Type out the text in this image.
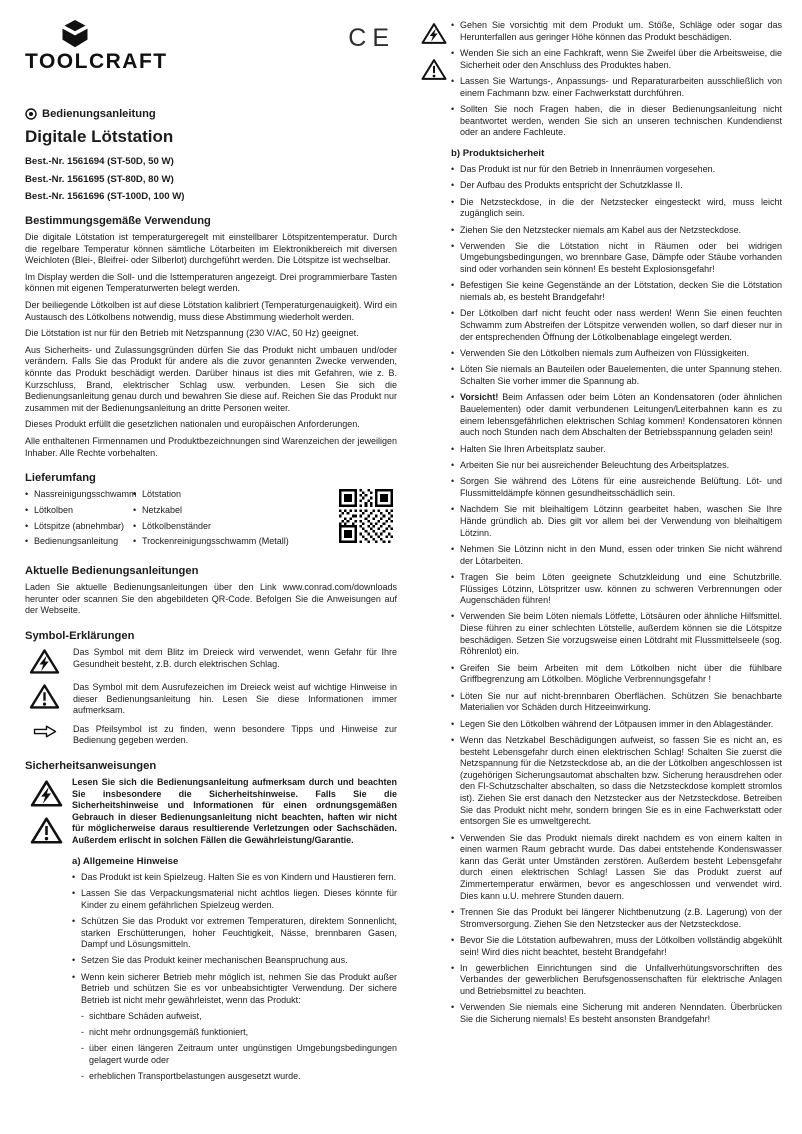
TOOLCRAFT
CE
Bedienungsanleitung
Digitale Lötstation
Best.-Nr. 1561694 (ST-50D, 50 W)
Best.-Nr. 1561695 (ST-80D, 80 W)
Best.-Nr. 1561696 (ST-100D, 100 W)
Bestimmungsgemäße Verwendung

Die digitale Lötstation ist temperaturgeregelt mit einstellbarer Lötspitzentemperatur. Durch die regelbare Temperatur können sämtliche Lötarbeiten im Elektronikbereich mit diversen Weichloten (Blei-, Bleifrei- oder Silberlot) durchgeführt werden. Die Lötspitze ist wechselbar.

Im Display werden die Soll- und die Isttemperaturen angezeigt. Drei programmierbare Tasten können mit eigenen Temperaturwerten belegt werden.

Der beiliegende Lötkolben ist auf diese Lötstation kalibriert (Temperaturgenauigkeit). Wird ein Austausch des Lötkolbens notwendig, muss diese Abstimmung wiederholt werden.

Die Lötstation ist nur für den Betrieb mit Netzspannung (230 V/AC, 50 Hz) geeignet.

Aus Sicherheits- und Zulassungsgründen dürfen Sie das Produkt nicht umbauen und/oder verändern. Falls Sie das Produkt für andere als die zuvor genannten Zwecke verwenden, könnte das Produkt beschädigt werden. Darüber hinaus ist dies mit Gefahren, wie z. B. Kurzschluss, Brand, elektrischer Schlag usw. verbunden. Lesen Sie sich die Bedienungsanleitung genau durch und bewahren Sie diese auf. Reichen Sie das Produkt nur zusammen mit der Bedienungsanleitung an dritte Personen weiter.

Dieses Produkt erfüllt die gesetzlichen nationalen und europäischen Anforderungen.

Alle enthaltenen Firmennamen und Produktbezeichnungen sind Warenzeichen der jeweiligen Inhaber. Alle Rechte vorbehalten.

Lieferumfang
• Nassreinigungsschwamm
• Lötkolben
• Lötspitze (abnehmbar)
• Bedienungsanleitung
• Lötstation
• Netzkabel
• Lötkolbenständer
• Trockenreinigungsschwamm (Metall)
Aktuelle Bedienungsanleitungen

Laden Sie aktuelle Bedienungsanleitungen über den Link www.conrad.com/downloads herunter oder scannen Sie den abgebildeten QR-Code. Befolgen Sie die Anweisungen auf der Webseite.

Symbol-Erklärungen

Das Symbol mit dem Blitz im Dreieck wird verwendet, wenn Gefahr für Ihre Gesundheit besteht, z.B. durch elektrischen Schlag.

Das Symbol mit dem Ausrufezeichen im Dreieck weist auf wichtige Hinweise in dieser Bedienungsanleitung hin. Lesen Sie diese Informationen immer aufmerksam.

Das Pfeilsymbol ist zu finden, wenn besondere Tipps und Hinweise zur Bedienung gegeben werden.

Sicherheitsanweisungen

Lesen Sie sich die Bedienungsanleitung aufmerksam durch und beachten Sie insbesondere die Sicherheitshinweise. Falls Sie die Sicherheitshinweise und Informationen für einen ordnungsgemäßen Gebrauch in dieser Bedienungsanleitung nicht beachten, haften wir nicht für möglicherweise daraus resultierende Verletzungen oder Sachschäden. Außerdem erlischt in solchen Fällen die Gewährleistung/Garantie.

a) Allgemeine Hinweise
• Das Produkt ist kein Spielzeug. Halten Sie es von Kindern und Haustieren fern.
• Lassen Sie das Verpackungsmaterial nicht achtlos liegen. Dieses könnte für Kinder zu einem gefährlichen Spielzeug werden.
• Schützen Sie das Produkt vor extremen Temperaturen, direktem Sonnenlicht, starken Erschütterungen, hoher Feuchtigkeit, Nässe, brennbaren Gasen, Dampf und Lösungsmitteln.
• Setzen Sie das Produkt keiner mechanischen Beanspruchung aus.
• Wenn kein sicherer Betrieb mehr möglich ist, nehmen Sie das Produkt außer Betrieb und schützen Sie es vor unbeabsichtigter Verwendung. Der sichere Betrieb ist nicht mehr gewährleistet, wenn das Produkt:
- sichtbare Schäden aufweist,
- nicht mehr ordnungsgemäß funktioniert,
- über einen längeren Zeitraum unter ungünstigen Umgebungsbedingungen gelagert wurde oder
- erheblichen Transportbelastungen ausgesetzt wurde.
• Gehen Sie vorsichtig mit dem Produkt um. Stöße, Schläge oder sogar das Herunterfallen aus geringer Höhe können das Produkt beschädigen.
• Wenden Sie sich an eine Fachkraft, wenn Sie Zweifel über die Arbeitsweise, die Sicherheit oder den Anschluss des Produktes haben.
• Lassen Sie Wartungs-, Anpassungs- und Reparaturarbeiten ausschließlich von einem Fachmann bzw. einer Fachwerkstatt durchführen.
• Sollten Sie noch Fragen haben, die in dieser Bedienungsanleitung nicht beantwortet werden, wenden Sie sich an unseren technischen Kundendienst oder an andere Fachleute.
b) Produktsicherheit
• Das Produkt ist nur für den Betrieb in Innenräumen vorgesehen.
• Der Aufbau des Produkts entspricht der Schutzklasse II.
• Die Netzsteckdose, in die der Netzstecker eingesteckt wird, muss leicht zugänglich sein.
• Ziehen Sie den Netzstecker niemals am Kabel aus der Netzsteckdose.
• Verwenden Sie die Lötstation nicht in Räumen oder bei widrigen Umgebungsbedingungen, wo brennbare Gase, Dämpfe oder Stäube vorhanden sind oder vorhanden sein können! Es besteht Explosionsgefahr!
• Befestigen Sie keine Gegenstände an der Lötstation, decken Sie die Lötstation niemals ab, es besteht Brandgefahr!
• Der Lötkolben darf nicht feucht oder nass werden! Wenn Sie einen feuchten Schwamm zum Abstreifen der Lötspitze verwenden wollen, so darf dieser nur in der entsprechenden Öffnung der Lötkolbenablage eingelegt werden.
• Verwenden Sie den Lötkolben niemals zum Aufheizen von Flüssigkeiten.
• Löten Sie niemals an Bauteilen oder Bauelementen, die unter Spannung stehen. Schalten Sie vorher immer die Spannung ab.
• Vorsicht! Beim Anfassen oder beim Löten an Kondensatoren (oder ähnlichen Bauelementen) oder damit verbundenen Leitungen/Leiterbahnen kann es zu einem lebensgefährlichen elektrischen Schlag kommen! Kondensatoren können auch noch Stunden nach dem Abschalten der Betriebsspannung geladen sein!
• Halten Sie Ihren Arbeitsplatz sauber.
• Arbeiten Sie nur bei ausreichender Beleuchtung des Arbeitsplatzes.
• Sorgen Sie während des Lötens für eine ausreichende Belüftung. Löt- und Flussmitteldämpfe können gesundheitsschädlich sein.
• Nachdem Sie mit bleihaltigem Lötzinn gearbeitet haben, waschen Sie Ihre Hände gründlich ab. Dies gilt vor allem bei der Verwendung von bleihaltigem Lötzinn.
• Nehmen Sie Lötzinn nicht in den Mund, essen oder trinken Sie nicht während der Lötarbeiten.
• Tragen Sie beim Löten geeignete Schutzkleidung und eine Schutzbrille. Flüssiges Lötzinn, Lötspritzer usw. können zu schweren Verbrennungen oder Augenschäden führen!
• Verwenden Sie beim Löten niemals Lötfette, Lötsäuren oder ähnliche Hilfsmittel. Diese führen zu einer schlechten Lötstelle, außerdem können sie die Lötspitze beschädigen. Setzen Sie vorzugsweise einen Lötdraht mit Flussmittelseele (sog. Röhrenlot) ein.
• Greifen Sie beim Arbeiten mit dem Lötkolben nicht über die fühlbare Griffbegrenzung am Lötkolben. Mögliche Verbrennungsgefahr !
• Löten Sie nur auf nicht-brennbaren Oberflächen. Schützen Sie benachbarte Materialien vor Schäden durch Hitzeeinwirkung.
• Legen Sie den Lötkolben während der Lötpausen immer in den Ablageständer.
• Wenn das Netzkabel Beschädigungen aufweist, so fassen Sie es nicht an, es besteht Lebensgefahr durch einen elektrischen Schlag! Schalten Sie zuerst die Netzspannung für die Netzsteckdose ab, an die der Lötkolben angeschlossen ist (zugehörigen Sicherungsautomat abschalten bzw. Sicherung herausdrehen oder den FI-Schutzschalter abschalten, so dass die Netzsteckdose komplett stromlos ist). Ziehen Sie erst danach den Netzstecker aus der Netzsteckdose. Betreiben Sie das Produkt nicht mehr, sondern bringen Sie es in eine Fachwerkstatt oder entsorgen Sie es umweltgerecht.
• Verwenden Sie das Produkt niemals direkt nachdem es von einem kalten in einen warmen Raum gebracht wurde. Das dabei entstehende Kondenswasser kann das Gerät unter Umständen zerstören. Außerdem besteht Lebensgefahr durch einen elektrischen Schlag! Lassen Sie das Produkt zuerst auf Zimmertemperatur erwärmen, bevor es angeschlossen und verwendet wird. Dies kann u.U. mehrere Stunden dauern.
• Trennen Sie das Produkt bei längerer Nichtbenutzung (z.B. Lagerung) von der Stromversorgung. Ziehen Sie den Netzstecker aus der Netzsteckdose.
• Bevor Sie die Lötstation aufbewahren, muss der Lötkolben vollständig abgekühlt sein! Wird dies nicht beachtet, besteht Brandgefahr!
• In gewerblichen Einrichtungen sind die Unfallverhütungsvorschriften des Verbandes der gewerblichen Berufsgenossenschaften für elektrische Anlagen und Betriebsmittel zu beachten.
• Verwenden Sie niemals eine Sicherung mit anderen Nenndaten. Überbrücken Sie die Sicherung niemals! Es besteht ansonsten Brandgefahr!
